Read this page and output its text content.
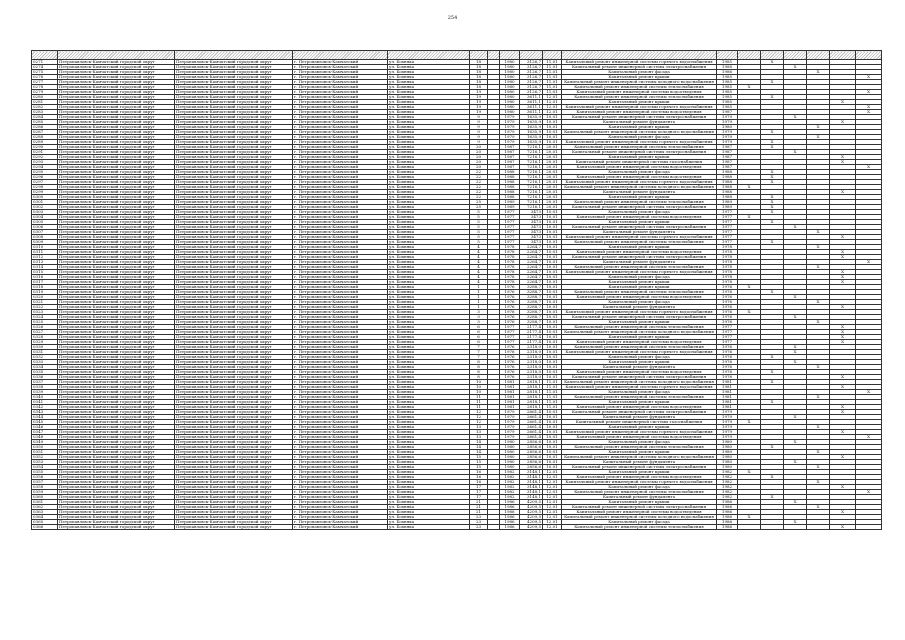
254

0271	Петропавловск-Камчатский городской округ	Петропавловск-Камчатский городской округ	г. Петропавловск-Камчатский	ул. Бохняка	18		1980	3126,7	11,01	Капитальный ремонт инженерной системы горячего водоснабжения	1985		X				
0274	Петропавловск-Камчатский городской округ	Петропавловск-Камчатский городской округ	г. Петропавловск-Камчатский	ул. Бохняка	18		1980	3126,7	11,01	Капитальный ремонт инженерной системы электроснабжения	1988			X			
0275	Петропавловск-Камчатский городской округ	Петропавловск-Камчатский городской округ	г. Петропавловск-Камчатский	ул. Бохняка	18		1980	3126,7	11,01	Капитальный ремонт фасада	1986				X		
0276	Петропавловск-Камчатский городской округ	Петропавловск-Камчатский городской округ	г. Петропавловск-Камчатский	ул. Бохняка	18		1980	3126,7	11,01	Капитальный ремонт крыши	1985						X
0277	Петропавловск-Камчатский городской округ	Петропавловск-Камчатский городской округ	г. Петропавловск-Камчатский	ул. Бохняка	18		1980	3126,7	11,01	Капитальный ремонт инженерной системы холодного водоснабжения	1985		X				
0278	Петропавловск-Камчатский городской округ	Петропавловск-Камчатский городской округ	г. Петропавловск-Камчатский	ул. Бохняка	18		1980	3126,7	11,01	Капитальный ремонт инженерной системы теплоснабжения	1985	X					
0279	Петропавловск-Камчатский городской округ	Петропавловск-Камчатский городской округ	г. Петропавловск-Камчатский	ул. Бохняка	19		1980	3126,7	11,01	Капитальный ремонт инженерной системы водоотведения	1985						X
0280	Петропавловск-Камчатский городской округ	Петропавловск-Камчатский городской округ	г. Петропавловск-Камчатский	ул. Бохняка	19		1980	3611,1	12,01	Капитальный ремонт инженерной системы теплоснабжения	1985		X				
0281	Петропавловск-Камчатский городской округ	Петропавловск-Камчатский городской округ	г. Петропавловск-Камчатский	ул. Бохняка	19		1980	3611,1	12,01	Капитальный ремонт крыши	1985					X	
0282	Петропавловск-Камчатский городской округ	Петропавловск-Камчатский городской округ	г. Петропавловск-Камчатский	ул. Бохняка	19		1980	3611,1	12,01	Капитальный ремонт инженерной системы горячего водоснабжения	1985						X
0283	Петропавловск-Камчатский городской округ	Петропавловск-Камчатский городской округ	г. Петропавловск-Камчатский	ул. Бохняка	19		1980	3611,1	12,01	Капитальный ремонт инженерной системы водоотведения	1987						X
0284	Петропавловск-Камчатский городской округ	Петропавловск-Камчатский городской округ	г. Петропавловск-Камчатский	ул. Бохняка	9		1979	1635,9	10,01	Капитальный ремонт инженерной системы электроснабжения	1979			X			
0285	Петропавловск-Камчатский городской округ	Петропавловск-Камчатский городской округ	г. Петропавловск-Камчатский	ул. Бохняка	9		1979	1635,9	10,01	Капитальный ремонт фундамента	1979					X	
0286	Петропавловск-Камчатский городской округ	Петропавловск-Камчатский городской округ	г. Петропавловск-Камчатский	ул. Бохняка	9		1979	1635,9	10,01	Капитальный ремонт крыши	1980				X		
0287	Петропавловск-Камчатский городской округ	Петропавловск-Камчатский городской округ	г. Петропавловск-Камчатский	ул. Бохняка	9		1979	1635,9	10,01	Капитальный ремонт инженерной системы холодного водоснабжения	1979		X				
0288	Петропавловск-Камчатский городской округ	Петропавловск-Камчатский городской округ	г. Петропавловск-Камчатский	ул. Бохняка	9		1979	1635,9	10,01	Капитальный ремонт фасада	1979				X		
0289	Петропавловск-Камчатский городской округ	Петропавловск-Камчатский городской округ	г. Петропавловск-Камчатский	ул. Бохняка	9		1979	1635,9	10,01	Капитальный ремонт инженерной системы горячего водоснабжения	1979		X				
0290	Петропавловск-Камчатский городской округ	Петропавловск-Камчатский городской округ	г. Петропавловск-Камчатский	ул. Бохняка	20		1987	7216,1	20,01	Капитальный ремонт инженерной системы теплоснабжения	1987		X				
0291	Петропавловск-Камчатский городской округ	Петропавловск-Камчатский городской округ	г. Петропавловск-Камчатский	ул. Бохняка	20		1987	7216,1	20,01	Капитальный ремонт инженерной системы электроснабжения	1987			X			
0292	Петропавловск-Камчатский городской округ	Петропавловск-Камчатский городской округ	г. Петропавловск-Камчатский	ул. Бохняка	20		1987	7216,1	20,01	Капитальный ремонт крыши	1987					X	
0293	Петропавловск-Камчатский городской округ	Петропавловск-Камчатский городской округ	г. Петропавловск-Камчатский	ул. Бохняка	20		1987	7216,1	20,01	Капитальный ремонт инженерной системы газоснабжения	1987					X	
0294	Петропавловск-Камчатский городской округ	Петропавловск-Камчатский городской округ	г. Петропавловск-Камчатский	ул. Бохняка	20		1987	7216,1	20,01	Капитальный ремонт инженерной системы водоотведения	1987						X
0295	Петропавловск-Камчатский городской округ	Петропавловск-Камчатский городской округ	г. Петропавловск-Камчатский	ул. Бохняка	22		1988	7216,1	20,01	Капитальный ремонт фасада	1988		X				
0296	Петропавловск-Камчатский городской округ	Петропавловск-Камчатский городской округ	г. Петропавловск-Камчатский	ул. Бохняка	22		1988	7216,1	20,01	Капитальный ремонт инженерной системы водоотведения	1988		X				
0297	Петропавловск-Камчатский городской округ	Петропавловск-Камчатский городской округ	г. Петропавловск-Камчатский	ул. Бохняка	22		1988	7216,1	20,01	Капитальный ремонт инженерной системы горячего водоснабжения	1988		X				
0298	Петропавловск-Камчатский городской округ	Петропавловск-Камчатский городской округ	г. Петропавловск-Камчатский	ул. Бохняка	22		1988	7216,1	20,01	Капитальный ремонт инженерной системы холодного водоснабжения	1988	X					
0299	Петропавловск-Камчатский городской округ	Петропавловск-Камчатский городской округ	г. Петропавловск-Камчатский	ул. Бохняка	22		1988	7216,1	20,01	Капитальный ремонт фундамента	1988					X	
0300	Петропавловск-Камчатский городской округ	Петропавловск-Камчатский городской округ	г. Петропавловск-Камчатский	ул. Бохняка	22		1988	7216,1	20,01	Капитальный ремонт крыши	1988		X				
0301	Петропавловск-Камчатский городской округ	Петропавловск-Камчатский городской округ	г. Петропавловск-Камчатский	ул. Бохняка	25		1989	7216,1	20,01	Капитальный ремонт инженерной системы теплоснабжения	1989		X				
0302	Петропавловск-Камчатский городской округ	Петропавловск-Камчатский городской округ	г. Петропавловск-Камчатский	ул. Бохняка	25		1989	7216,1	20,01	Капитальный ремонт инженерной системы электроснабжения	1989		X				
0303	Петропавловск-Камчатский городской округ	Петропавловск-Камчатский городской округ	г. Петропавловск-Камчатский	ул. Бохняка	5		1977	3473	10,01	Капитальный ремонт фасада	1977		X				
0304	Петропавловск-Камчатский городской округ	Петропавловск-Камчатский городской округ	г. Петропавловск-Камчатский	ул. Бохняка	5		1977	3473	10,01	Капитальный ремонт инженерной системы водоотведения	1977	X					
0305	Петропавловск-Камчатский городской округ	Петропавловск-Камчатский городской округ	г. Петропавловск-Камчатский	ул. Бохняка	5		1977	3473	10,01	Капитальный ремонт крыши	1977		X				
0306	Петропавловск-Камчатский городской округ	Петропавловск-Камчатский городской округ	г. Петропавловск-Камчатский	ул. Бохняка	5		1977	3473	10,01	Капитальный ремонт инженерной системы электроснабжения	1977			X			
0307	Петропавловск-Камчатский городской округ	Петропавловск-Камчатский городской округ	г. Петропавловск-Камчатский	ул. Бохняка	5		1977	3473	10,01	Капитальный ремонт фундамента	1977				X		
0308	Петропавловск-Камчатский городской округ	Петропавловск-Камчатский городской округ	г. Петропавловск-Камчатский	ул. Бохняка	5		1977	3473	10,01	Капитальный ремонт инженерной системы горячего водоснабжения	1977					X	
0309	Петропавловск-Камчатский городской округ	Петропавловск-Камчатский городской округ	г. Петропавловск-Камчатский	ул. Бохняка	5		1977	3473	10,01	Капитальный ремонт инженерной системы теплоснабжения	1977		X				
0310	Петропавловск-Камчатский городской округ	Петропавловск-Камчатский городской округ	г. Петропавловск-Камчатский	ул. Бохняка	4		1978	2264,7	10,01	Капитальный ремонт крыши	1978				X		
0311	Петропавловск-Камчатский городской округ	Петропавловск-Камчатский городской округ	г. Петропавловск-Камчатский	ул. Бохняка	4		1978	2264,7	10,01	Капитальный ремонт инженерной системы водоотведения	1978					X	
0312	Петропавловск-Камчатский городской округ	Петропавловск-Камчатский городской округ	г. Петропавловск-Камчатский	ул. Бохняка	4		1978	2264,7	10,01	Капитальный ремонт инженерной системы электроснабжения	1978					X	
0313	Петропавловск-Камчатский городской округ	Петропавловск-Камчатский городской округ	г. Петропавловск-Камчатский	ул. Бохняка	4		1978	2264,7	10,01	Капитальный ремонт фундамента	1978						X
0314	Петропавловск-Камчатский городской округ	Петропавловск-Камчатский городской округ	г. Петропавловск-Камчатский	ул. Бохняка	4		1978	2264,7	10,01	Капитальный ремонт инженерной системы теплоснабжения	1978				X		
0315	Петропавловск-Камчатский городской округ	Петропавловск-Камчатский городской округ	г. Петропавловск-Камчатский	ул. Бохняка	4		1978	2264,7	10,01	Капитальный ремонт инженерной системы горячего водоснабжения	1978					X	
0316	Петропавловск-Камчатский городской округ	Петропавловск-Камчатский городской округ	г. Петропавловск-Камчатский	ул. Бохняка	4		1978	2264,7	10,01	Капитальный ремонт фасада	1978					X	
0317	Петропавловск-Камчатский городской округ	Петропавловск-Камчатский городской округ	г. Петропавловск-Камчатский	ул. Бохняка	4		1978	2264,7	10,01	Капитальный ремонт крыши	1978					X	
0318	Петропавловск-Камчатский городской округ	Петропавловск-Камчатский городской округ	г. Петропавловск-Камчатский	ул. Бохняка	1		1976	3288,7	10,01	Капитальный ремонт крыши	1976	X					
0319	Петропавловск-Камчатский городской округ	Петропавловск-Камчатский городской округ	г. Петропавловск-Камчатский	ул. Бохняка	1		1976	3288,7	10,01	Капитальный ремонт инженерной системы теплоснабжения	1976		X				
0320	Петропавловск-Камчатский городской округ	Петропавловск-Камчатский городской округ	г. Петропавловск-Камчатский	ул. Бохняка	1		1976	3288,7	10,01	Капитальный ремонт инженерной системы водоотведения	1976			X			
0321	Петропавловск-Камчатский городской округ	Петропавловск-Камчатский городской округ	г. Петропавловск-Камчатский	ул. Бохняка	1		1976	3288,7	10,01	Капитальный ремонт фасада	1976				X		
0322	Петропавловск-Камчатский городской округ	Петропавловск-Камчатский городской округ	г. Петропавловск-Камчатский	ул. Бохняка	1		1976	3288,7	10,01	Капитальный ремонт фундамента	1976					X	
0323	Петропавловск-Камчатский городской округ	Петропавловск-Камчатский городской округ	г. Петропавловск-Камчатский	ул. Бохняка	3		1976	3288,7	10,01	Капитальный ремонт инженерной системы горячего водоснабжения	1976	X					
0324	Петропавловск-Камчатский городской округ	Петропавловск-Камчатский городской округ	г. Петропавловск-Камчатский	ул. Бохняка	3		1976	3288,7	10,01	Капитальный ремонт инженерной системы электроснабжения	1976			X			
0325	Петропавловск-Камчатский городской округ	Петропавловск-Камчатский городской округ	г. Петропавловск-Камчатский	ул. Бохняка	3		1976	3288,7	10,01	Капитальный ремонт крыши	1976				X		
0326	Петропавловск-Камчатский городской округ	Петропавловск-Камчатский городской округ	г. Петропавловск-Камчатский	ул. Бохняка	6		1977	2177,4	10,01	Капитальный ремонт инженерной системы теплоснабжения	1977					X	
0327	Петропавловск-Камчатский городской округ	Петропавловск-Камчатский городской округ	г. Петропавловск-Камчатский	ул. Бохняка	6		1977	2177,4	10,01	Капитальный ремонт инженерной системы холодного водоснабжения	1977					X	
0328	Петропавловск-Камчатский городской округ	Петропавловск-Камчатский городской округ	г. Петропавловск-Камчатский	ул. Бохняка	6		1977	2177,4	10,01	Капитальный ремонт крыши	1977					X	
0329	Петропавловск-Камчатский городской округ	Петропавловск-Камчатский городской округ	г. Петропавловск-Камчатский	ул. Бохняка	6		1977	2177,4	10,01	Капитальный ремонт инженерной системы водоотведения	1977					X	
0330	Петропавловск-Камчатский городской округ	Петропавловск-Камчатский городской округ	г. Петропавловск-Камчатский	ул. Бохняка	7		1976	2318,0	10,01	Капитальный ремонт инженерной системы теплоснабжения	1976			X			
0331	Петропавловск-Камчатский городской округ	Петропавловск-Камчатский городской округ	г. Петропавловск-Камчатский	ул. Бохняка	7		1976	2318,0	10,01	Капитальный ремонт инженерной системы горячего водоснабжения	1976			X			
0332	Петропавловск-Камчатский городской округ	Петропавловск-Камчатский городской округ	г. Петропавловск-Камчатский	ул. Бохняка	7		1976	2318,0	10,01	Капитальный ремонт фасада	1976		X				
0333	Петропавловск-Камчатский городской округ	Петропавловск-Камчатский городской округ	г. Петропавловск-Камчатский	ул. Бохняка	8		1976	2318,0	10,01	Капитальный ремонт крыши	1976			X			
0334	Петропавловск-Камчатский городской округ	Петропавловск-Камчатский городской округ	г. Петропавловск-Камчатский	ул. Бохняка	8		1976	2318,0	10,01	Капитальный ремонт фундамента	1976				X		
0335	Петропавловск-Камчатский городской округ	Петропавловск-Камчатский городской округ	г. Петропавловск-Камчатский	ул. Бохняка	8		1976	2318,0	10,01	Капитальный ремонт инженерной системы водоотведения	1976		X				
0336	Петропавловск-Камчатский городской округ	Петропавловск-Камчатский городской округ	г. Петропавловск-Камчатский	ул. Бохняка	8		1976	2318,0	10,01	Капитальный ремонт инженерной системы электроснабжения	1976					X	
0337	Петропавловск-Камчатский городской округ	Петропавловск-Камчатский городской округ	г. Петропавловск-Камчатский	ул. Бохняка	10		1981	2818,1	11,01	Капитальный ремонт инженерной системы холодного водоснабжения	1981		X				
0338	Петропавловск-Камчатский городской округ	Петропавловск-Камчатский городской округ	г. Петропавловск-Камчатский	ул. Бохняка	10		1981	2818,1	11,01	Капитальный ремонт инженерной системы горячего водоснабжения	1981					X	
0339	Петропавловск-Камчатский городской округ	Петропавловск-Камчатский городской округ	г. Петропавловск-Камчатский	ул. Бохняка	10		1981	2818,1	11,01	Капитальный ремонт фасада	1981						X
0340	Петропавловск-Камчатский городской округ	Петропавловск-Камчатский городской округ	г. Петропавловск-Камчатский	ул. Бохняка	11		1981	2818,1	11,01	Капитальный ремонт инженерной системы теплоснабжения	1981				X		
0341	Петропавловск-Камчатский городской округ	Петропавловск-Камчатский городской округ	г. Петропавловск-Камчатский	ул. Бохняка	11		1981	2818,1	11,01	Капитальный ремонт крыши	1981		X				
0342	Петропавловск-Камчатский городской округ	Петропавловск-Камчатский городской округ	г. Петропавловск-Камчатский	ул. Бохняка	11		1981	2818,1	11,01	Капитальный ремонт инженерной системы водоотведения	1981					X	
0343	Петропавловск-Камчатский городской округ	Петропавловск-Камчатский городской округ	г. Петропавловск-Камчатский	ул. Бохняка	12		1979	2661,4	10,01	Капитальный ремонт инженерной системы электроснабжения	1979					X	
0344	Петропавловск-Камчатский городской округ	Петропавловск-Камчатский городской округ	г. Петропавловск-Камчатский	ул. Бохняка	12		1979	2661,4	10,01	Капитальный ремонт фундамента	1979			X			
0345	Петропавловск-Камчатский городской округ	Петропавловск-Камчатский городской округ	г. Петропавловск-Камчатский	ул. Бохняка	12		1979	2661,4	10,01	Капитальный ремонт инженерной системы газоснабжения	1979	X					
0346	Петропавловск-Камчатский городской округ	Петропавловск-Камчатский городской округ	г. Петропавловск-Камчатский	ул. Бохняка	13		1979	2661,4	10,01	Капитальный ремонт крыши	1979				X		
0347	Петропавловск-Камчатский городской округ	Петропавловск-Камчатский городской округ	г. Петропавловск-Камчатский	ул. Бохняка	13		1979	2661,4	10,01	Капитальный ремонт инженерной системы горячего водоснабжения	1979					X	
0348	Петропавловск-Камчатский городской округ	Петропавловск-Камчатский городской округ	г. Петропавловск-Камчатский	ул. Бохняка	13		1979	2661,4	10,01	Капитальный ремонт инженерной системы водоотведения	1979						X
0349	Петропавловск-Камчатский городской округ	Петропавловск-Камчатский городской округ	г. Петропавловск-Камчатский	ул. Бохняка	14		1980	2856,6	10,01	Капитальный ремонт фасада	1980			X			
0350	Петропавловск-Камчатский городской округ	Петропавловск-Камчатский городской округ	г. Петропавловск-Камчатский	ул. Бохняка	14		1980	2856,6	10,01	Капитальный ремонт инженерной системы теплоснабжения	1980		X				
0351	Петропавловск-Камчатский городской округ	Петропавловск-Камчатский городской округ	г. Петропавловск-Камчатский	ул. Бохняка	14		1980	2856,6	10,01	Капитальный ремонт крыши	1980				X		
0352	Петропавловск-Камчатский городской округ	Петропавловск-Камчатский городской округ	г. Петропавловск-Камчатский	ул. Бохняка	15		1980	2856,6	10,01	Капитальный ремонт инженерной системы холодного водоснабжения	1980					X	
0353	Петропавловск-Камчатский городской округ	Петропавловск-Камчатский городской округ	г. Петропавловск-Камчатский	ул. Бохняка	15		1980	2856,6	10,01	Капитальный ремонт фундамента	1980			X			
0354	Петропавловск-Камчатский городской округ	Петропавловск-Камчатский городской округ	г. Петропавловск-Камчатский	ул. Бохняка	15		1980	2856,6	10,01	Капитальный ремонт инженерной системы электроснабжения	1980				X		
0355	Петропавловск-Камчатский городской округ	Петропавловск-Камчатский городской округ	г. Петропавловск-Камчатский	ул. Бохняка	16		1982	3148,1	12,01	Капитальный ремонт крыши	1982	X					
0356	Петропавловск-Камчатский городской округ	Петропавловск-Камчатский городской округ	г. Петропавловск-Камчатский	ул. Бохняка	16		1982	3148,1	12,01	Капитальный ремонт инженерной системы водоотведения	1982		X				
0357	Петропавловск-Камчатский городской округ	Петропавловск-Камчатский городской округ	г. Петропавловск-Камчатский	ул. Бохняка	16		1982	3148,1	12,01	Капитальный ремонт инженерной системы горячего водоснабжения	1982				X		
0358	Петропавловск-Камчатский городской округ	Петропавловск-Камчатский городской округ	г. Петропавловск-Камчатский	ул. Бохняка	17		1982	3148,1	12,01	Капитальный ремонт фасада	1982					X	
0359	Петропавловск-Камчатский городской округ	Петропавловск-Камчатский городской округ	г. Петропавловск-Камчатский	ул. Бохняка	17		1982	3148,1	12,01	Капитальный ремонт инженерной системы теплоснабжения	1982						X
0360	Петропавловск-Камчатский городской округ	Петропавловск-Камчатский городской округ	г. Петропавловск-Камчатский	ул. Бохняка	17		1982	3148,1	12,01	Капитальный ремонт фундамента	1982		X				
0361	Петропавловск-Камчатский городской округ	Петропавловск-Камчатский городской округ	г. Петропавловск-Камчатский	ул. Бохняка	21		1986	4209,5	12,01	Капитальный ремонт крыши	1986			X			
0362	Петропавловск-Камчатский городской округ	Петропавловск-Камчатский городской округ	г. Петропавловск-Камчатский	ул. Бохняка	21		1986	4209,5	12,01	Капитальный ремонт инженерной системы электроснабжения	1986				X		
0363	Петропавловск-Камчатский городской округ	Петропавловск-Камчатский городской округ	г. Петропавловск-Камчатский	ул. Бохняка	21		1986	4209,5	12,01	Капитальный ремонт инженерной системы водоотведения	1986					X	
0364	Петропавловск-Камчатский городской округ	Петропавловск-Камчатский городской округ	г. Петропавловск-Камчатский	ул. Бохняка	23		1986	4209,5	12,01	Капитальный ремонт инженерной системы холодного водоснабжения	1986	X					
0365	Петропавловск-Камчатский городской округ	Петропавловск-Камчатский городской округ	г. Петропавловск-Камчатский	ул. Бохняка	23		1986	4209,5	12,01	Капитальный ремонт фасада	1986			X			
0366	Петропавловск-Камчатский городской округ	Петропавловск-Камчатский городской округ	г. Петропавловск-Камчатский	ул. Бохняка	23		1986	4209,5	12,01	Капитальный ремонт инженерной системы теплоснабжения	1986					X	
